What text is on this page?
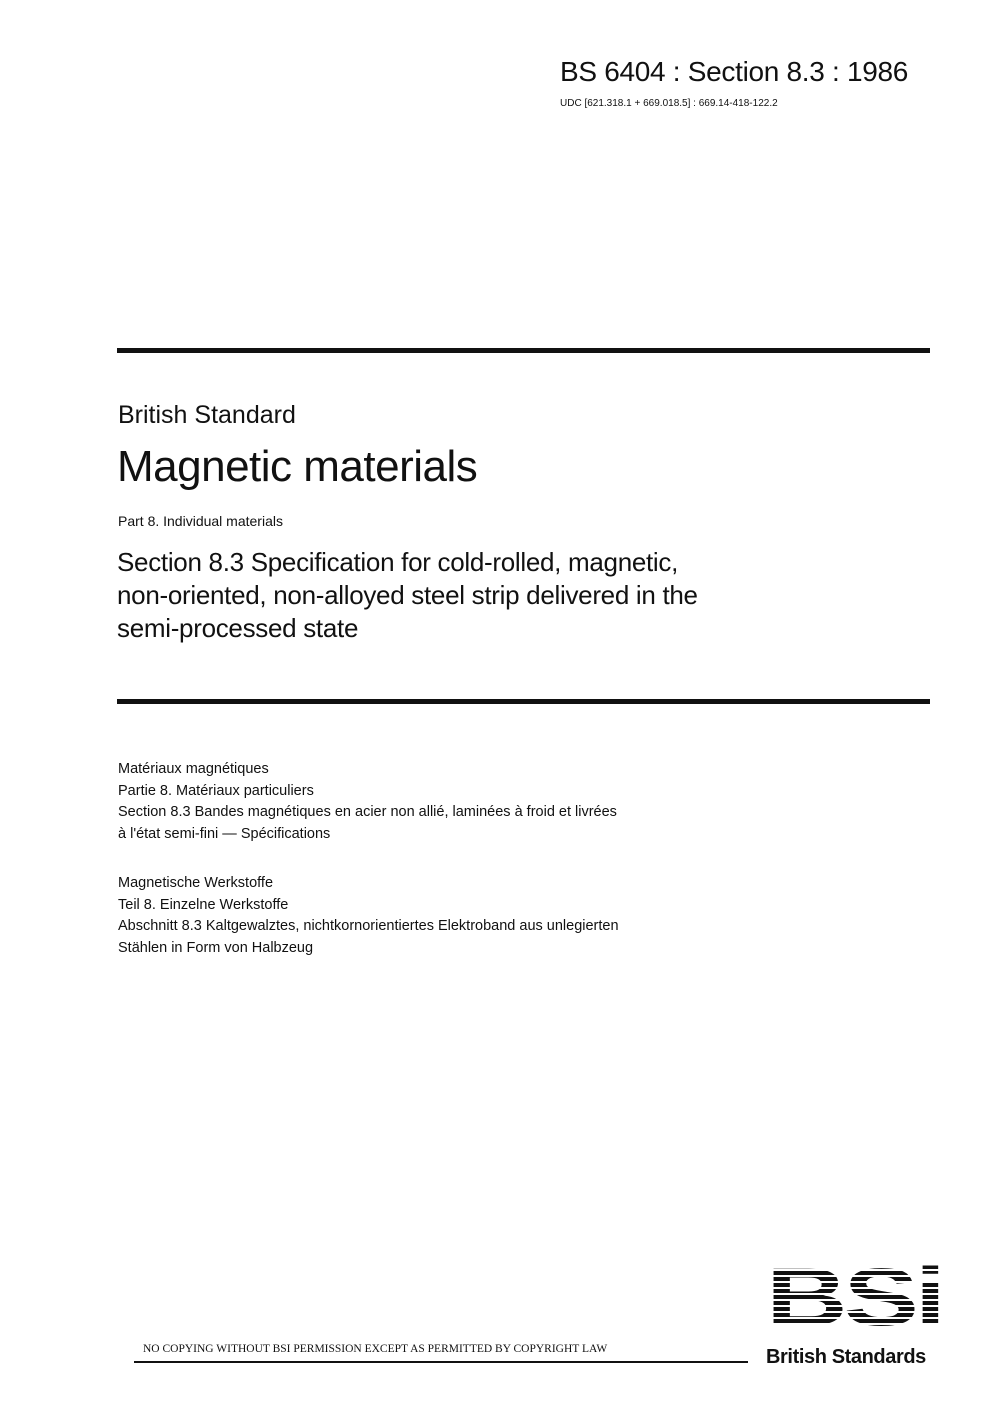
BS 6404 : Section 8.3 : 1986
UDC [621.318.1 + 669.018.5] : 669.14-418-122.2
British Standard
Magnetic materials
Part 8. Individual materials
Section 8.3 Specification for cold-rolled, magnetic,
non-oriented, non-alloyed steel strip delivered in the
semi-processed state
Matériaux magnétiques
Partie 8. Matériaux particuliers
Section 8.3 Bandes magnétiques en acier non allié, laminées à froid et livrées
à l'état semi-fini — Spécifications
Magnetische Werkstoffe
Teil 8. Einzelne Werkstoffe
Abschnitt 8.3 Kaltgewalztes, nichtkornorientiertes Elektroband aus unlegierten
Stählen in Form von Halbzeug
NO COPYING WITHOUT BSI PERMISSION EXCEPT AS PERMITTED BY COPYRIGHT LAW
BSi
British Standards
